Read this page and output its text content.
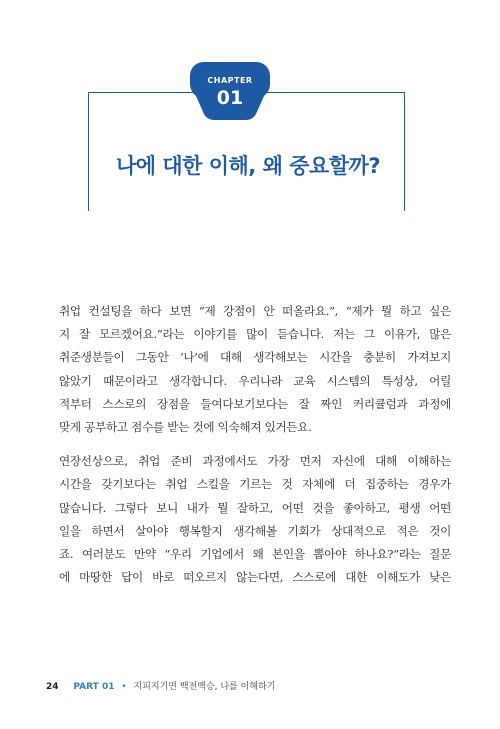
CHAPTER
01
나에 대한 이해, 왜 중요할까?

취업 컨설팅을 하다 보면 “제 강점이 안 떠올라요.”, “제가 뭘 하고 싶은
지 잘 모르겠어요.”라는 이야기를 많이 듣습니다. 저는 그 이유가, 많은
취준생분들이 그동안 ‘나’에 대해 생각해보는 시간을 충분히 가져보지
않았기 때문이라고 생각합니다. 우리나라 교육 시스템의 특성상, 어릴
적부터 스스로의 장점을 들여다보기보다는 잘 짜인 커리큘럼과 과정에
맞게 공부하고 점수를 받는 것에 익숙해져 있거든요.

연장선상으로, 취업 준비 과정에서도 가장 먼저 자신에 대해 이해하는
시간을 갖기보다는 취업 스킬을 기르는 것 자체에 더 집중하는 경우가
많습니다. 그렇다 보니 내가 뭘 잘하고, 어떤 것을 좋아하고, 평생 어떤
일을 하면서 살아야 행복할지 생각해볼 기회가 상대적으로 적은 것이
죠. 여러분도 만약 “우리 기업에서 왜 본인을 뽑아야 하나요?”라는 질문
에 마땅한 답이 바로 떠오르지 않는다면, 스스로에 대한 이해도가 낮은

24 PART 01 • 지피지기면 백전백승, 나를 이해하기
